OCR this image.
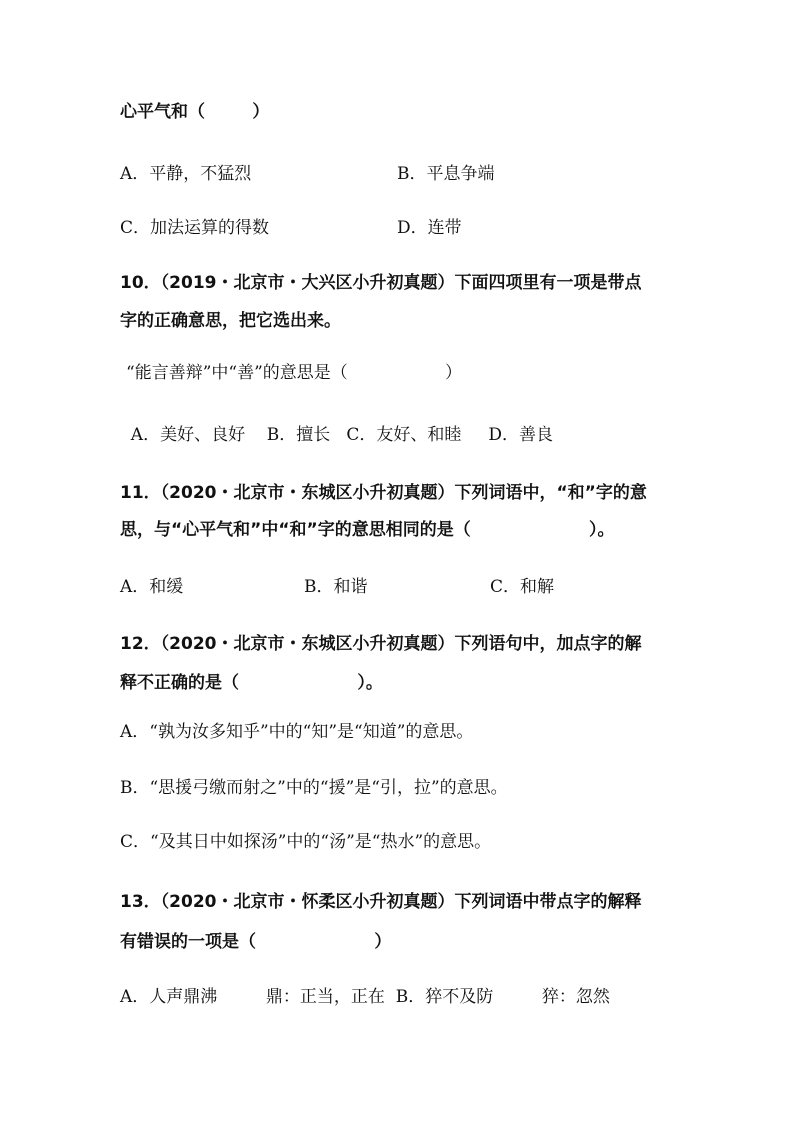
心平气和（        ）
A．平静，不猛烈	B．平息争端
C．加法运算的得数	D．连带
10．（2019・北京市・大兴区小升初真题）下面四项里有一项是带点
字的正确意思，把它选出来。
“能言善辩”中“善”的意思是（                  ）
A．美好、良好    B．擅长   C．友好、和睦     D．善良
11．（2020・北京市・东城区小升初真题）下列词语中，“和”字的意
思，与“心平气和”中“和”字的意思相同的是（                    ）。
A．和缓	B．和谐	C．和解
12．（2020・北京市・东城区小升初真题）下列语句中，加点字的解
释不正确的是（                    ）。
A．“孰为汝多知乎”中的“知”是“知道”的意思。
B．“思援弓缴而射之”中的“援”是“引，拉”的意思。
C．“及其日中如探汤”中的“汤”是“热水”的意思。
13．（2020・北京市・怀柔区小升初真题）下列词语中带点字的解释
有错误的一项是（                    ）
A．人声鼎沸         鼎：正当，正在  B．猝不及防         猝：忽然
